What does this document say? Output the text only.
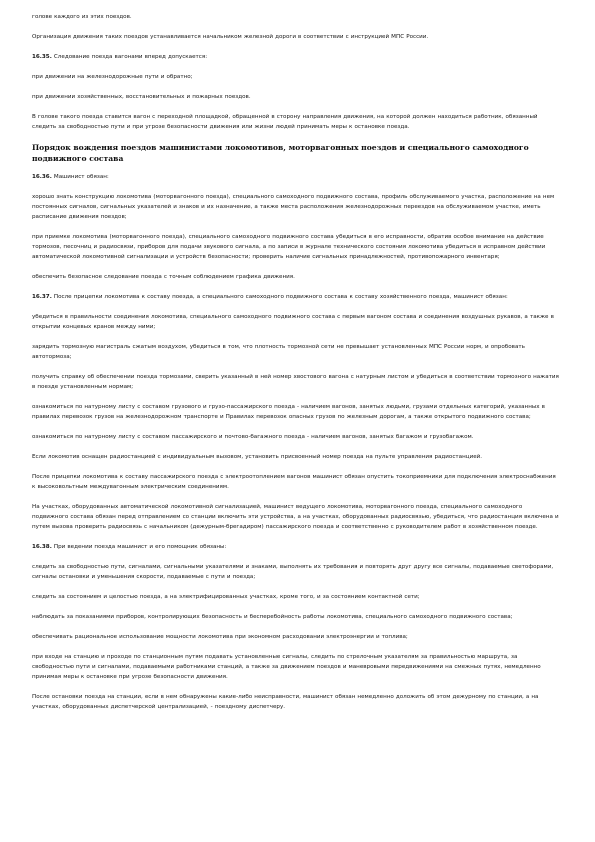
голове каждого из этих поездов.

Организация движения таких поездов устанавливается начальником железной дороги в соответствии с инструкцией МПС России.

16.35. Следование поезда вагонами вперед допускается:

при движении на железнодорожные пути и обратно;

при движении хозяйственных, восстановительных и пожарных поездов.

В голове такого поезда ставится вагон с переходной площадкой, обращенной в сторону направления движения, на которой должен находиться работник, обязанный следить за свободностью пути и при угрозе безопасности движения или жизни людей принимать меры к остановке поезда.

Порядок вождения поездов машинистами локомотивов, моторвагонных поездов и специального самоходного подвижного состава

16.36. Машинист обязан:

хорошо знать конструкцию локомотива (моторвагонного поезда), специального самоходного подвижного состава, профиль обслуживаемого участка, расположение на нем постоянных сигналов, сигнальных указателей и знаков и их назначение, а также места расположения железнодорожных переездов на обслуживаемом участке, иметь расписание движения поездов;

при приемке локомотива (моторвагонного поезда), специального самоходного подвижного состава убедиться в его исправности, обратив особое внимание на действие тормозов, песочниц и радиосвязи, приборов для подачи звукового сигнала, а по записи в журнале технического состояния локомотива убедиться в исправном действии автоматической локомотивной сигнализации и устройств безопасности; проверить наличие сигнальных принадлежностей, противопожарного инвентаря;

обеспечить безопасное следование поезда с точным соблюдением графика движения.

16.37. После прицепки локомотива к составу поезда, а специального самоходного подвижного состава к составу хозяйственного поезда, машинист обязан:

убедиться в правильности соединения локомотива, специального самоходного подвижного состава с первым вагоном состава и соединения воздушных рукавов, а также в открытии концевых кранов между ними;

зарядить тормозную магистраль сжатым воздухом, убедиться в том, что плотность тормозной сети не превышает установленных МПС России норм, и опробовать автотормоза;

получить справку об обеспечении поезда тормозами, сверить указанный в ней номер хвостового вагона с натурным листом и убедиться в соответствии тормозного нажатия в поезде установленным нормам;

ознакомиться по натурному листу с составом грузового и грузо-пассажирского поезда - наличием вагонов, занятых людьми, грузами отдельных категорий, указанных в правилах перевозок грузов на железнодорожном транспорте и Правилах перевозок опасных грузов по железным дорогам, а также открытого подвижного состава;

ознакомиться по натурному листу с составом пассажирского и почтово-багажного поезда - наличием вагонов, занятых багажом и грузобагажом.

Если локомотив оснащен радиостанцией с индивидуальным вызовом, установить присвоенный номер поезда на пульте управления радиостанцией.

После прицепки локомотива к составу пассажирского поезда с электроотоплением вагонов машинист обязан опустить токоприемники для подключения электроснабжения к высоковольтным междувагонным электрическим соединениям.

На участках, оборудованных автоматической локомотивной сигнализацией, машинист ведущего локомотива, моторвагонного поезда, специального самоходного подвижного состава обязан перед отправлением со станции включить эти устройства, а на участках, оборудованных радиосвязью, убедиться, что радиостанция включена и путем вызова проверить радиосвязь с начальником (дежурным-брегадиром) пассажирского поезда и соответственно с руководителем работ в хозяйственном поезде.

16.38. При ведении поезда машинист и его помощник обязаны:

следить за свободностью пути, сигналами, сигнальными указателями и знаками, выполнять их требования и повторять друг другу все сигналы, подаваемые светофорами, сигналы остановки и уменьшения скорости, подаваемые с пути и поезда;

следить за состоянием и целостью поезда, а на электрифицированных участках, кроме того, и за состоянием контактной сети;

наблюдать за показаниями приборов, контролирующих безопасность и бесперебойность работы локомотива, специального самоходного подвижного состава;

обеспечивать рациональное использование мощности локомотива при экономном расходовании электроэнергии и топлива;

при входе на станцию и проходе по станционным путям подавать установленные сигналы, следить по стрелочным указателям за правильностью маршрута, за свободностью пути и сигналами, подаваемыми работниками станций, а также за движением поездов и маневровыми передвижениями на смежных путях, немедленно принимая меры к остановке при угрозе безопасности движения.

После остановки поезда на станции, если в нем обнаружены какие-либо неисправности, машинист обязан немедленно доложить об этом дежурному по станции, а на участках, оборудованных диспетчерской централизацией, - поездному диспетчеру.
